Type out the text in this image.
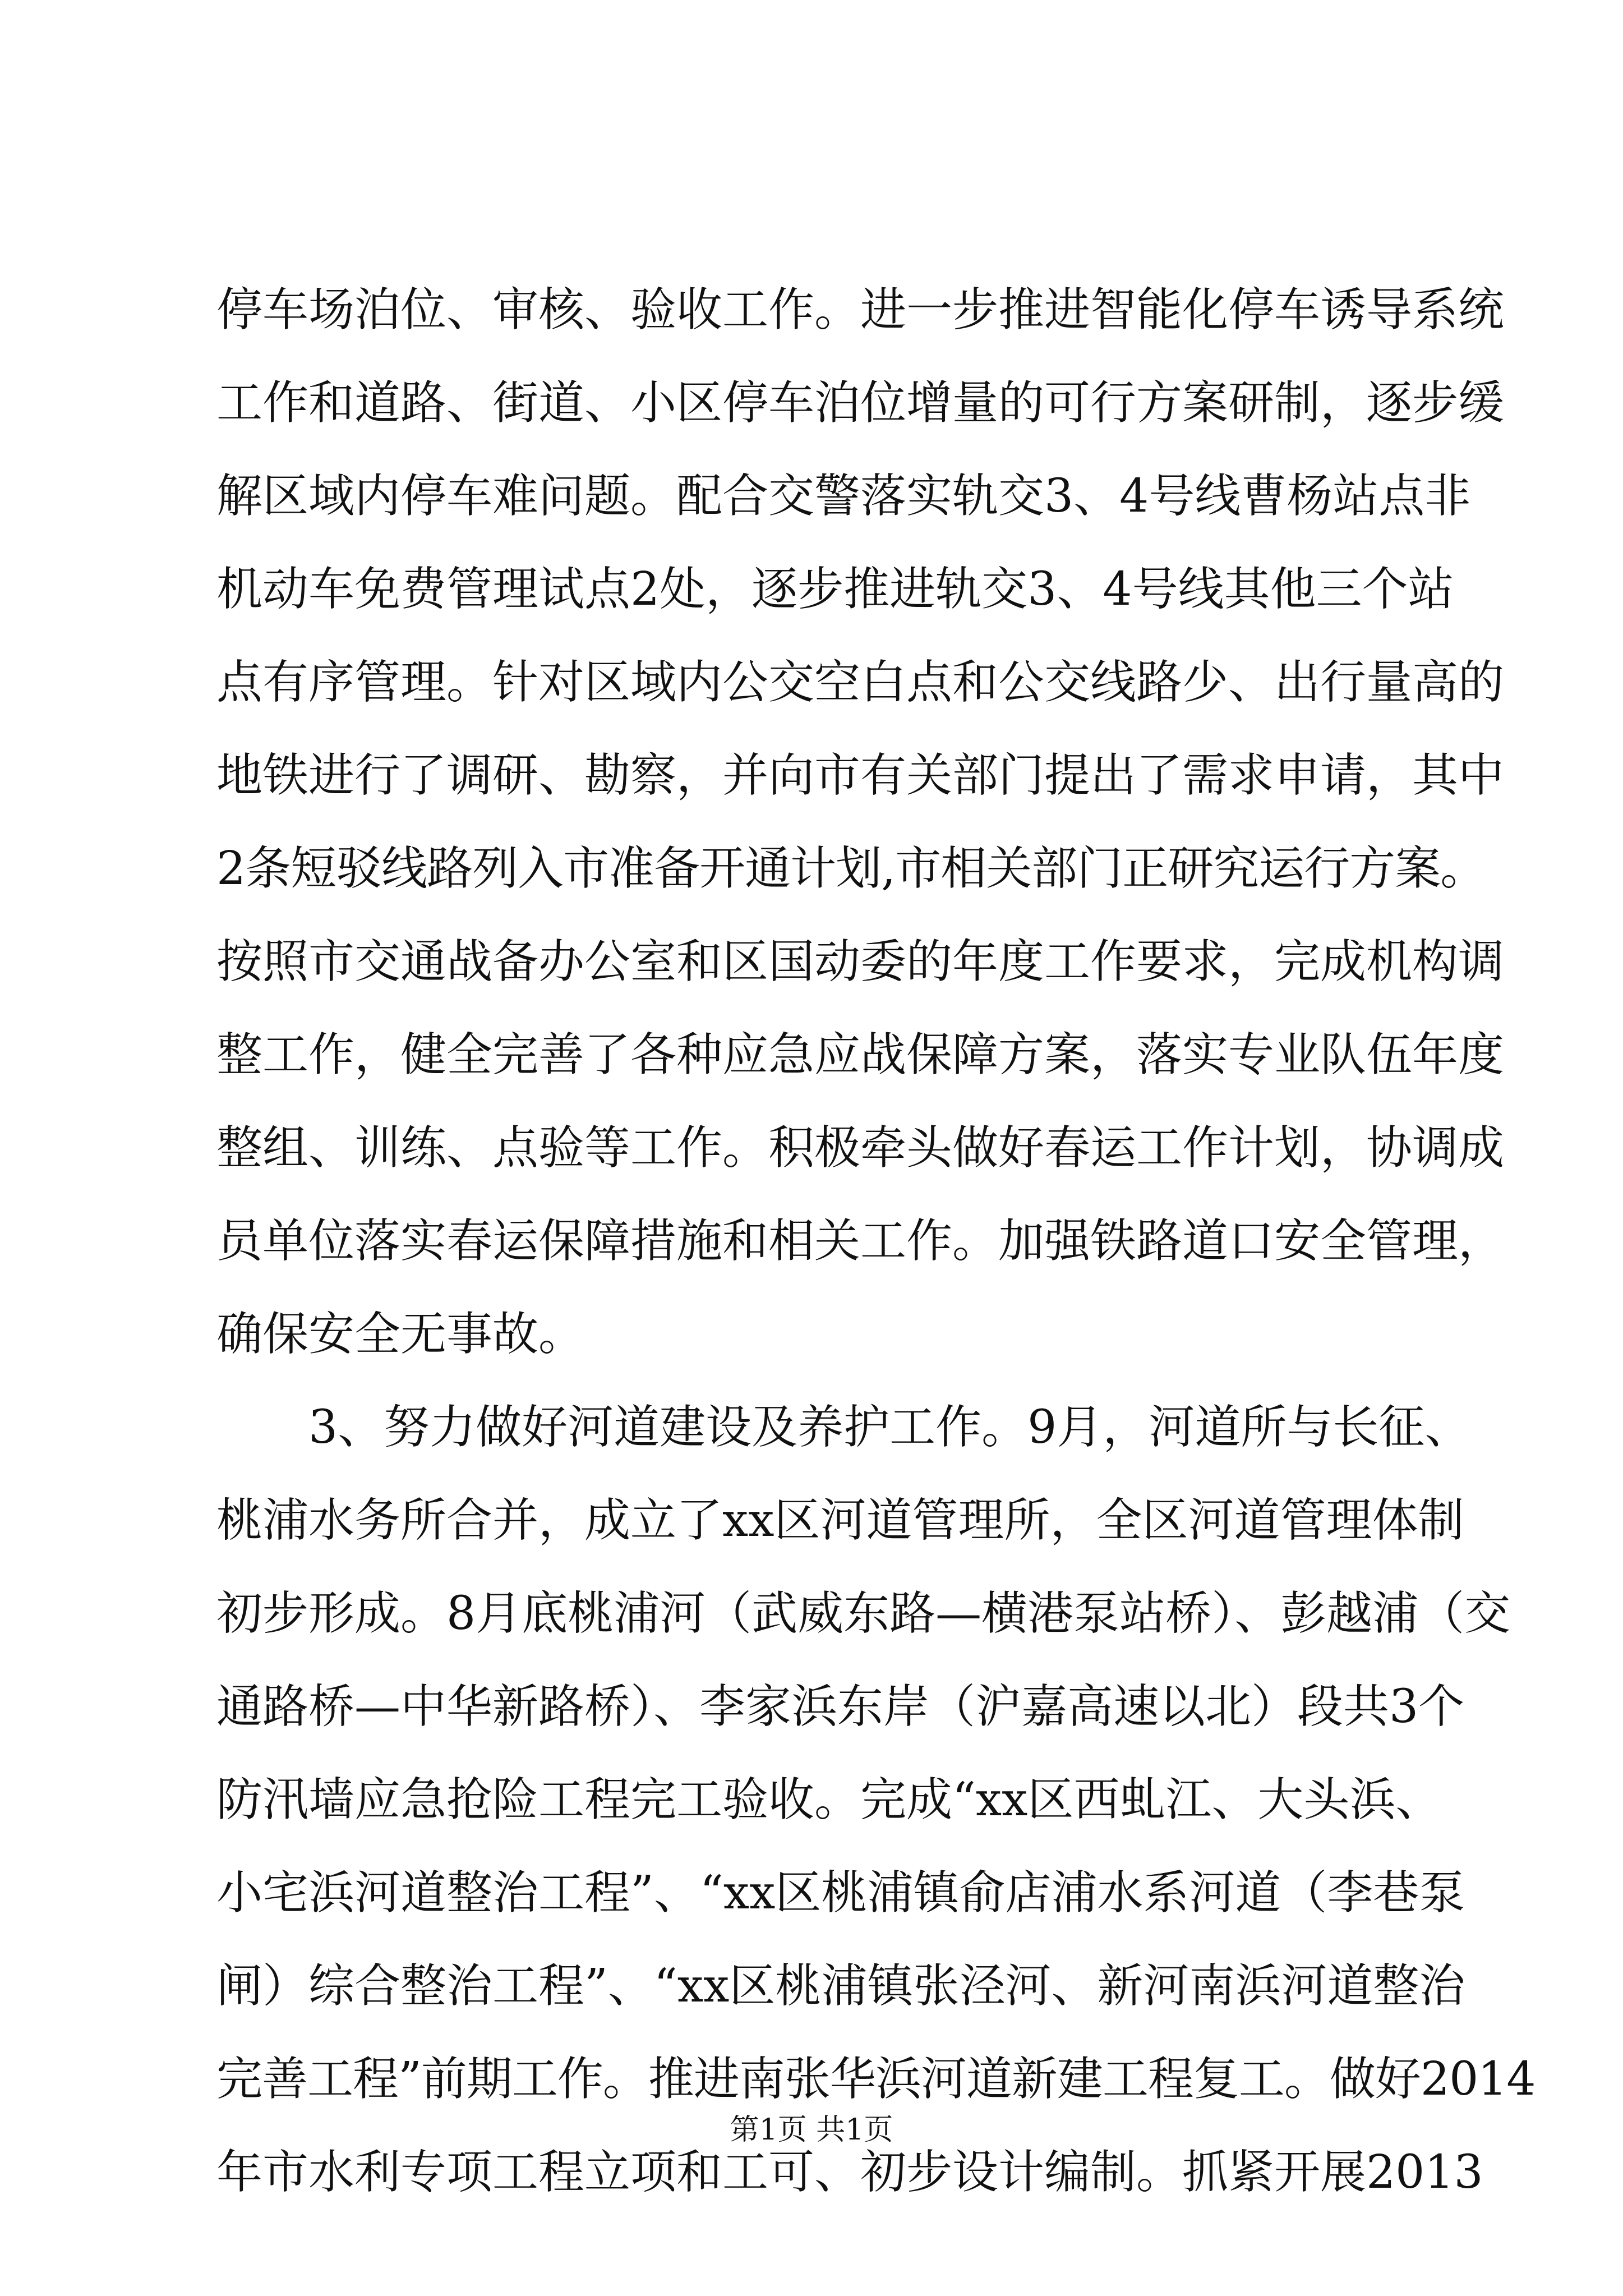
停车场泊位、审核、验收工作。进一步推进智能化停车诱导系统
工作和道路、街道、小区停车泊位增量的可行方案研制，逐步缓
解区域内停车难问题。配合交警落实轨交3、4号线曹杨站点非
机动车免费管理试点2处，逐步推进轨交3、4号线其他三个站
点有序管理。针对区域内公交空白点和公交线路少、出行量高的
地铁进行了调研、勘察，并向市有关部门提出了需求申请，其中
2条短驳线路列入市准备开通计划,市相关部门正研究运行方案。
按照市交通战备办公室和区国动委的年度工作要求，完成机构调
整工作，健全完善了各种应急应战保障方案，落实专业队伍年度
整组、训练、点验等工作。积极牵头做好春运工作计划，协调成
员单位落实春运保障措施和相关工作。加强铁路道口安全管理，
确保安全无事故。
3、努力做好河道建设及养护工作。9月，河道所与长征、
桃浦水务所合并，成立了xx区河道管理所，全区河道管理体制
初步形成。8月底桃浦河（武威东路—横港泵站桥）、彭越浦（交
通路桥—中华新路桥）、李家浜东岸（沪嘉高速以北）段共3个
防汛墙应急抢险工程完工验收。完成“xx区西虬江、大头浜、
小宅浜河道整治工程”、“xx区桃浦镇俞店浦水系河道（李巷泵
闸）综合整治工程”、“xx区桃浦镇张泾河、新河南浜河道整治
完善工程”前期工作。推进南张华浜河道新建工程复工。做好2014
年市水利专项工程立项和工可、初步设计编制。抓紧开展2013
第1页 共1页
